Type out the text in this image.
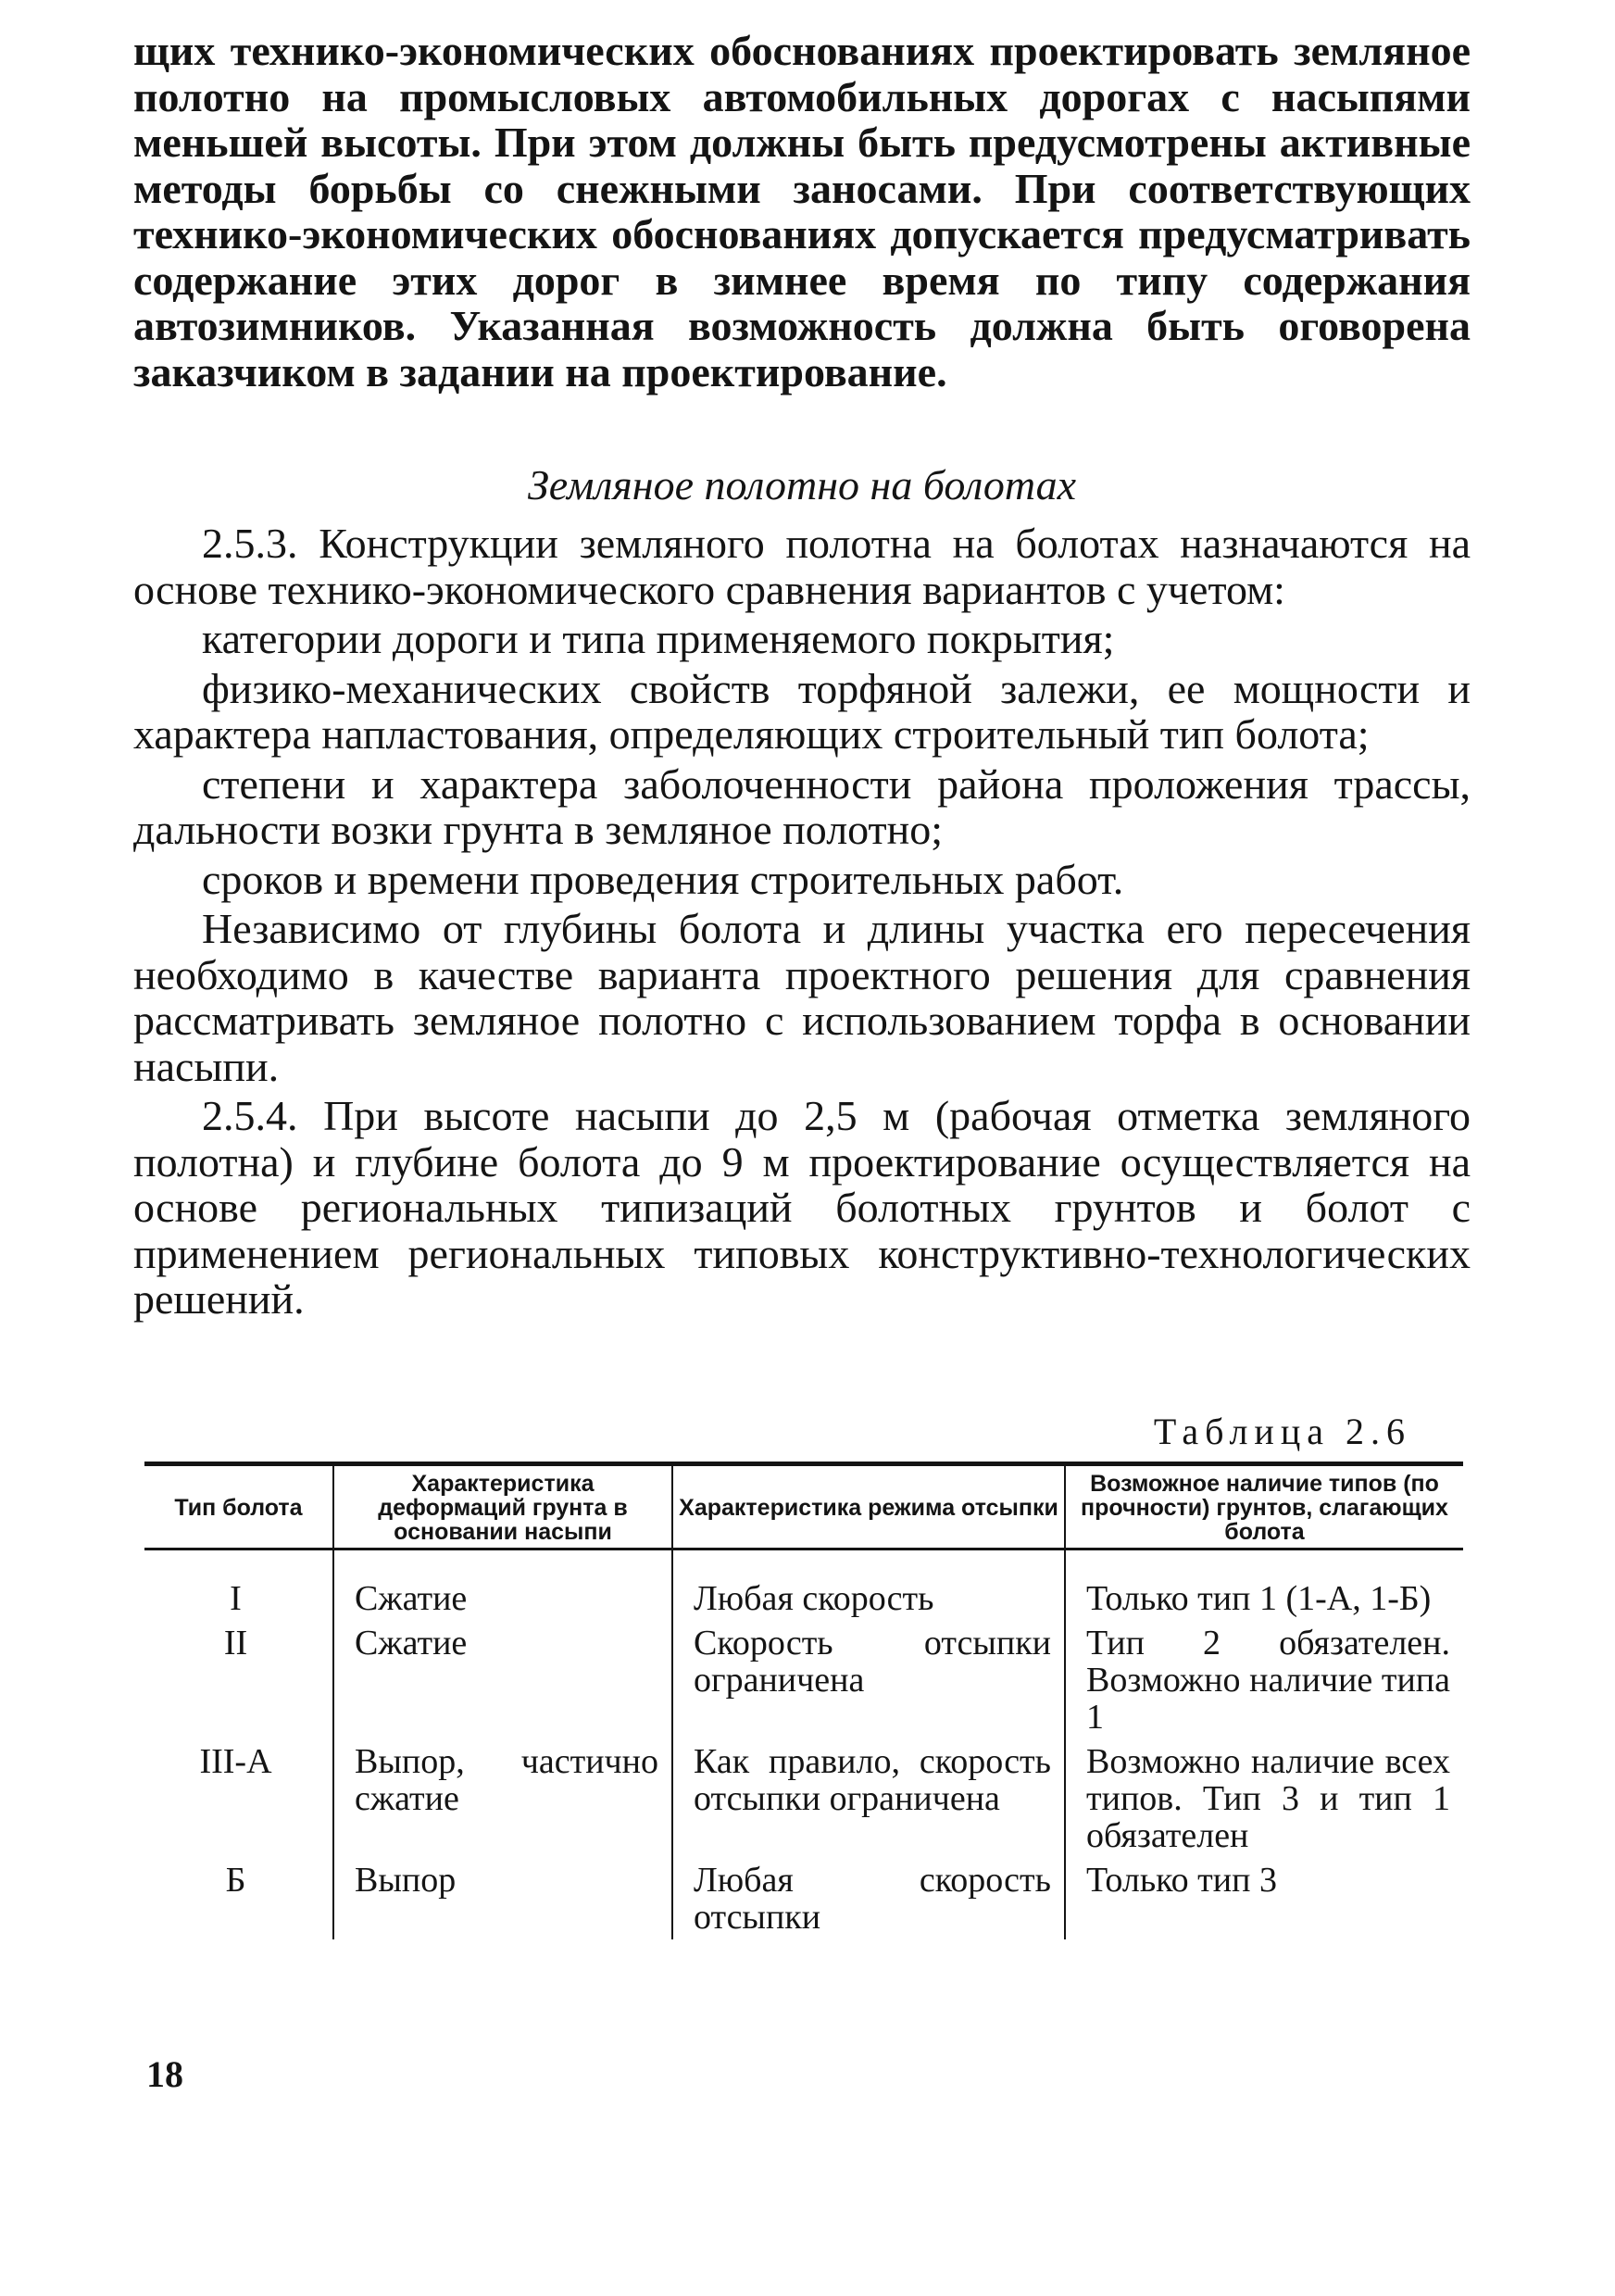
щих технико-экономических обоснованиях проектировать земляное полотно на промысловых автомобильных дорогах с насыпями меньшей высоты. При этом должны быть предусмотрены активные методы борьбы со снежными заносами. При соответствующих технико-экономических обоснованиях допускается предусматривать содержание этих дорог в зимнее время по типу содержания автозимников. Указанная возможность должна быть оговорена заказчиком в задании на проектирование.

Земляное полотно на болотах

2.5.3. Конструкции земляного полотна на болотах назначаются на основе технико-экономического сравнения вариантов с учетом:

категории дороги и типа применяемого покрытия;

физико-механических свойств торфяной залежи, ее мощности и характера напластования, определяющих строительный тип болота;

степени и характера заболоченности района проложения трассы, дальности возки грунта в земляное полотно;

сроков и времени проведения строительных работ.

Независимо от глубины болота и длины участка его пересечения необходимо в качестве варианта проектного решения для сравнения рассматривать земляное полотно с использованием торфа в основании насыпи.

2.5.4. При высоте насыпи до 2,5 м (рабочая отметка земляного полотна) и глубине болота до 9 м проектирование осуществляется на основе региональных типизаций болотных грунтов и болот с применением региональных типовых конструктивно-технологических решений.

Таблица 2.6
Тип болота	Характеристика деформаций грунта в основании насыпи	Характеристика режима отсыпки	Возможное наличие типов (по прочности) грунтов, слагающих болота
I	Сжатие	Любая скорость	Только тип 1 (1-А, 1-Б)
II	Сжатие	Скорость отсыпки ограничена	Тип 2 обязателен. Возможно наличие типа 1
III-А	Выпор, частично сжатие	Как правило, скорость отсыпки ограничена	Возможно наличие всех типов. Тип 3 и тип 1 обязателен
Б	Выпор	Любая скорость отсыпки	Только тип 3
18
